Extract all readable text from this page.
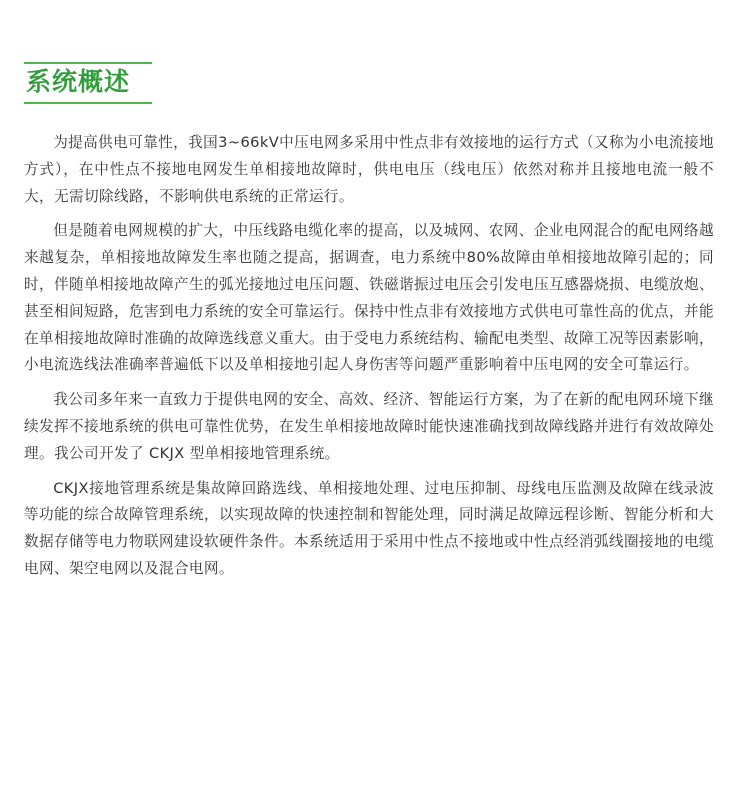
系统概述

为提高供电可靠性，我国3~66kV中压电网多采用中性点非有效接地的运行方式（又称为小电流接地方式），在中性点不接地电网发生单相接地故障时，供电电压（线电压）依然对称并且接地电流一般不大，无需切除线路，不影响供电系统的正常运行。

但是随着电网规模的扩大，中压线路电缆化率的提高，以及城网、农网、企业电网混合的配电网络越来越复杂，单相接地故障发生率也随之提高，据调查，电力系统中80%故障由单相接地故障引起的；同时，伴随单相接地故障产生的弧光接地过电压问题、铁磁谐振过电压会引发电压互感器烧损、电缆放炮、甚至相间短路，危害到电力系统的安全可靠运行。保持中性点非有效接地方式供电可靠性高的优点，并能在单相接地故障时准确的故障选线意义重大。由于受电力系统结构、输配电类型、故障工况等因素影响，小电流选线法准确率普遍低下以及单相接地引起人身伤害等问题严重影响着中压电网的安全可靠运行。

我公司多年来一直致力于提供电网的安全、高效、经济、智能运行方案，为了在新的配电网环境下继续发挥不接地系统的供电可靠性优势，在发生单相接地故障时能快速准确找到故障线路并进行有效故障处理。我公司开发了 CKJX 型单相接地管理系统。

CKJX接地管理系统是集故障回路选线、单相接地处理、过电压抑制、母线电压监测及故障在线录波等功能的综合故障管理系统，以实现故障的快速控制和智能处理，同时满足故障远程诊断、智能分析和大数据存储等电力物联网建设软硬件条件。本系统适用于采用中性点不接地或中性点经消弧线圈接地的电缆电网、架空电网以及混合电网。
